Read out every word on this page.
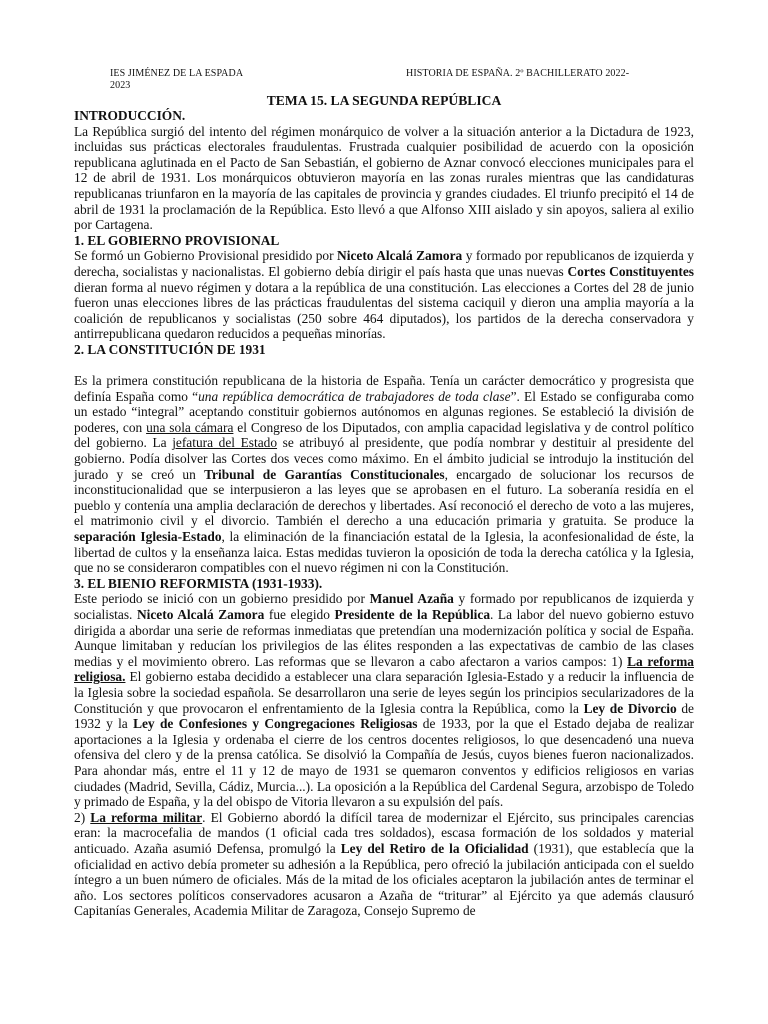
IES JIMÉNEZ DE LA ESPADA	HISTORIA DE ESPAÑA. 2º BACHILLERATO 2022-
2023
TEMA 15. LA SEGUNDA REPÚBLICA

INTRODUCCIÓN.

La República surgió del intento del régimen monárquico de volver a la situación anterior a la Dictadura de 1923, incluidas sus prácticas electorales fraudulentas. Frustrada cualquier posibilidad de acuerdo con la oposición republicana aglutinada en el Pacto de San Sebastián, el gobierno de Aznar convocó elecciones municipales para el 12 de abril de 1931. Los monárquicos obtuvieron mayoría en las zonas rurales mientras que las candidaturas republicanas triunfaron en la mayoría de las capitales de provincia y grandes ciudades. El triunfo precipitó el 14 de abril de 1931 la proclamación de la República. Esto llevó a que Alfonso XIII aislado y sin apoyos, saliera al exilio por Cartagena.

1. EL GOBIERNO PROVISIONAL

Se formó un Gobierno Provisional presidido por Niceto Alcalá Zamora y formado por republicanos de izquierda y derecha, socialistas y nacionalistas. El gobierno debía dirigir el país hasta que unas nuevas Cortes Constituyentes dieran forma al nuevo régimen y dotara a la república de una constitución. Las elecciones a Cortes del 28 de junio fueron unas elecciones libres de las prácticas fraudulentas del sistema caciquil y dieron una amplia mayoría a la coalición de republicanos y socialistas (250 sobre 464 diputados), los partidos de la derecha conservadora y antirrepublicana quedaron reducidos a pequeñas minorías.

2. LA CONSTITUCIÓN DE 1931

Es la primera constitución republicana de la historia de España. Tenía un carácter democrático y progresista que definía España como “una república democrática de trabajadores de toda clase”. El Estado se configuraba como un estado “integral” aceptando constituir gobiernos autónomos en algunas regiones. Se estableció la división de poderes, con una sola cámara el Congreso de los Diputados, con amplia capacidad legislativa y de control político del gobierno. La jefatura del Estado se atribuyó al presidente, que podía nombrar y destituir al presidente del gobierno. Podía disolver las Cortes dos veces como máximo. En el ámbito judicial se introdujo la institución del jurado y se creó un Tribunal de Garantías Constitucionales, encargado de solucionar los recursos de inconstitucionalidad que se interpusieron a las leyes que se aprobasen en el futuro. La soberanía residía en el pueblo y contenía una amplia declaración de derechos y libertades. Así reconoció el derecho de voto a las mujeres, el matrimonio civil y el divorcio. También el derecho a una educación primaria y gratuita. Se produce la separación Iglesia-Estado, la eliminación de la financiación estatal de la Iglesia, la aconfesionalidad de éste, la libertad de cultos y la enseñanza laica. Estas medidas tuvieron la oposición de toda la derecha católica y la Iglesia, que no se consideraron compatibles con el nuevo régimen ni con la Constitución.

3. EL BIENIO REFORMISTA (1931-1933).

Este periodo se inició con un gobierno presidido por Manuel Azaña y formado por republicanos de izquierda y socialistas. Niceto Alcalá Zamora fue elegido Presidente de la República. La labor del nuevo gobierno estuvo dirigida a abordar una serie de reformas inmediatas que pretendían una modernización política y social de España. Aunque limitaban y reducían los privilegios de las élites responden a las expectativas de cambio de las clases medias y el movimiento obrero. Las reformas que se llevaron a cabo afectaron a varios campos: 1) La reforma religiosa. El gobierno estaba decidido a establecer una clara separación Iglesia-Estado y a reducir la influencia de la Iglesia sobre la sociedad española. Se desarrollaron una serie de leyes según los principios secularizadores de la Constitución y que provocaron el enfrentamiento de la Iglesia contra la República, como la Ley de Divorcio de 1932 y la Ley de Confesiones y Congregaciones Religiosas de 1933, por la que el Estado dejaba de realizar aportaciones a la Iglesia y ordenaba el cierre de los centros docentes religiosos, lo que desencadenó una nueva ofensiva del clero y de la prensa católica. Se disolvió la Compañía de Jesús, cuyos bienes fueron nacionalizados. Para ahondar más, entre el 11 y 12 de mayo de 1931 se quemaron conventos y edificios religiosos en varias ciudades (Madrid, Sevilla, Cádiz, Murcia...). La oposición a la República del Cardenal Segura, arzobispo de Toledo y primado de España, y la del obispo de Vitoria llevaron a su expulsión del país.

2) La reforma militar. El Gobierno abordó la difícil tarea de modernizar el Ejército, sus principales carencias eran: la macrocefalia de mandos (1 oficial cada tres soldados), escasa formación de los soldados y material anticuado. Azaña asumió Defensa, promulgó la Ley del Retiro de la Oficialidad (1931), que establecía que la oficialidad en activo debía prometer su adhesión a la República, pero ofreció la jubilación anticipada con el sueldo íntegro a un buen número de oficiales. Más de la mitad de los oficiales aceptaron la jubilación antes de terminar el año. Los sectores políticos conservadores acusaron a Azaña de “triturar” al Ejército ya que además clausuró Capitanías Generales, Academia Militar de Zaragoza, Consejo Supremo de
